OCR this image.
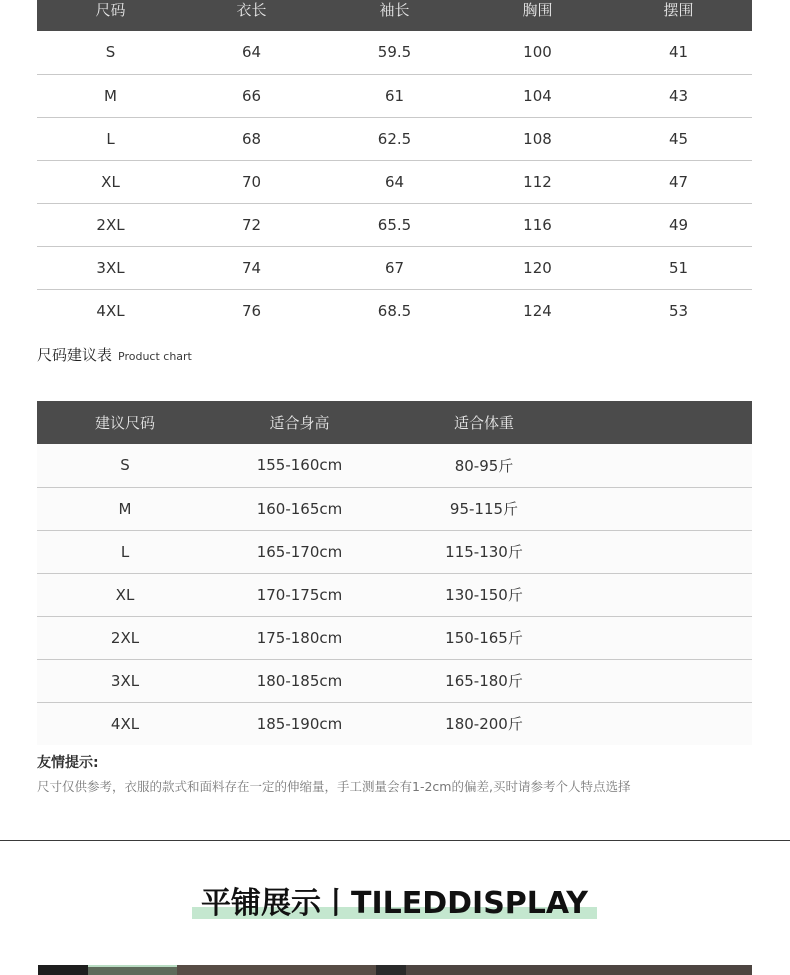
尺码	衣长	袖长	胸围	摆围
S	64	59.5	100	41
M	66	61	104	43
L	68	62.5	108	45
XL	70	64	112	47
2XL	72	65.5	116	49
3XL	74	67	120	51
4XL	76	68.5	124	53
尺码建议表 Product chart
建议尺码	适合身高	适合体重	
S	155-160cm	80-95斤	
M	160-165cm	95-115斤	
L	165-170cm	115-130斤	
XL	170-175cm	130-150斤	
2XL	175-180cm	150-165斤	
3XL	180-185cm	165-180斤	
4XL	185-190cm	180-200斤	
友情提示:
尺寸仅供参考，衣服的款式和面料存在一定的伸缩量，手工测量会有1-2cm的偏差,买时请参考个人特点选择
平铺展示丨TILEDDISPLAY
